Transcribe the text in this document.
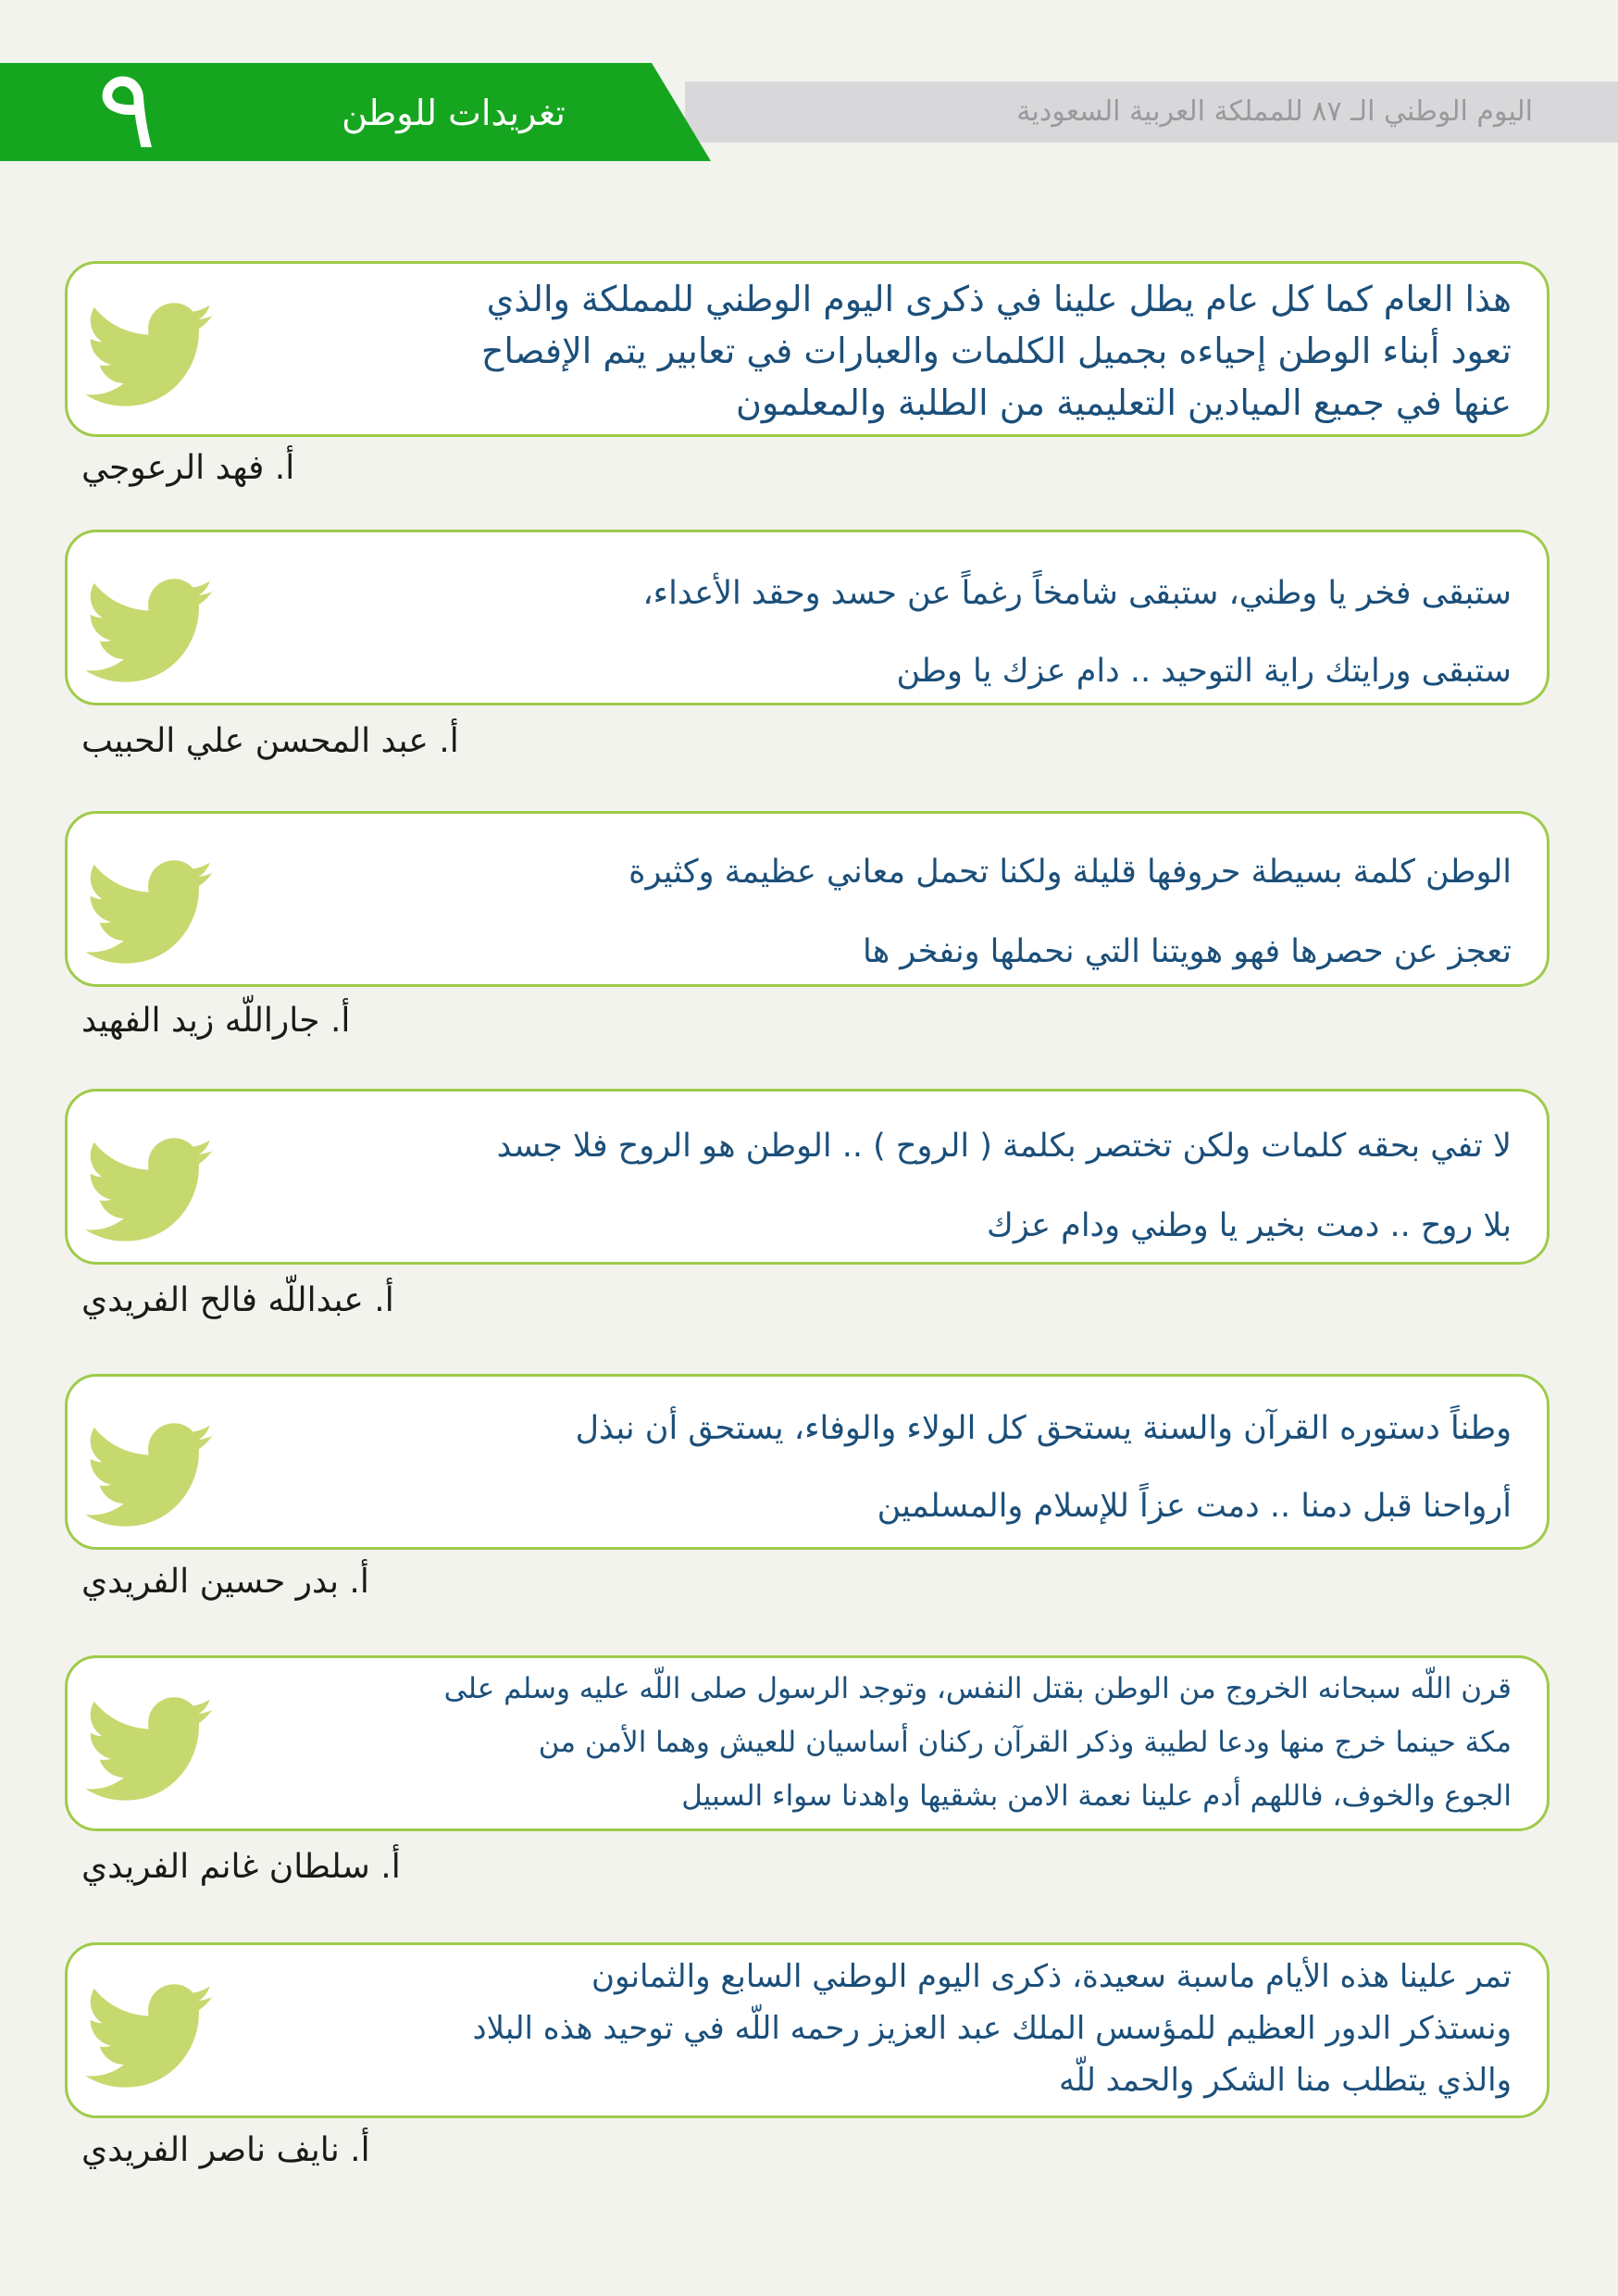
اليوم الوطني الـ ٨٧ للمملكة العربية السعودية
٩	تغريدات للوطن

هذا العام كما كل عام يطل علينا في ذكرى اليوم الوطني للمملكة والذي

تعود أبناء الوطن إحياءه بجميل الكلمات والعبارات في تعابير يتم الإفصاح

عنها في جميع الميادين التعليمية من الطلبة والمعلمون

أ. فهد الرعوجي

ستبقى فخر يا وطني، ستبقى شامخاً رغماً عن حسد وحقد الأعداء،

ستبقى ورايتك راية التوحيد .. دام عزك يا وطن

أ. عبد المحسن علي الحبيب

الوطن كلمة بسيطة حروفها قليلة ولكنا تحمل معاني عظيمة وكثيرة

تعجز عن حصرها فهو هويتنا التي نحملها ونفخر ها

أ. جاراللّه زيد الفهيد

لا تفي بحقه كلمات ولكن تختصر بكلمة ( الروح ) .. الوطن هو الروح فلا جسد

بلا روح .. دمت بخير يا وطني ودام عزك

أ. عبداللّه فالح الفريدي

وطناً دستوره القرآن والسنة يستحق كل الولاء والوفاء، يستحق أن نبذل

أرواحنا قبل دمنا .. دمت عزاً للإسلام والمسلمين

أ. بدر حسين الفريدي

قرن اللّه سبحانه الخروج من الوطن بقتل النفس، وتوجد الرسول صلى اللّه عليه وسلم على

مكة حينما خرج منها ودعا لطيبة وذكر القرآن ركنان أساسيان للعيش وهما الأمن من

الجوع والخوف، فاللهم أدم علينا نعمة الامن بشقيها واهدنا سواء السبيل

أ. سلطان غانم الفريدي

تمر علينا هذه الأيام ماسبة سعيدة، ذكرى اليوم الوطني السابع والثمانون

ونستذكر الدور العظيم للمؤسس الملك عبد العزيز رحمه اللّه في توحيد هذه البلاد

والذي يتطلب منا الشكر والحمد للّه

أ. نايف ناصر الفريدي
